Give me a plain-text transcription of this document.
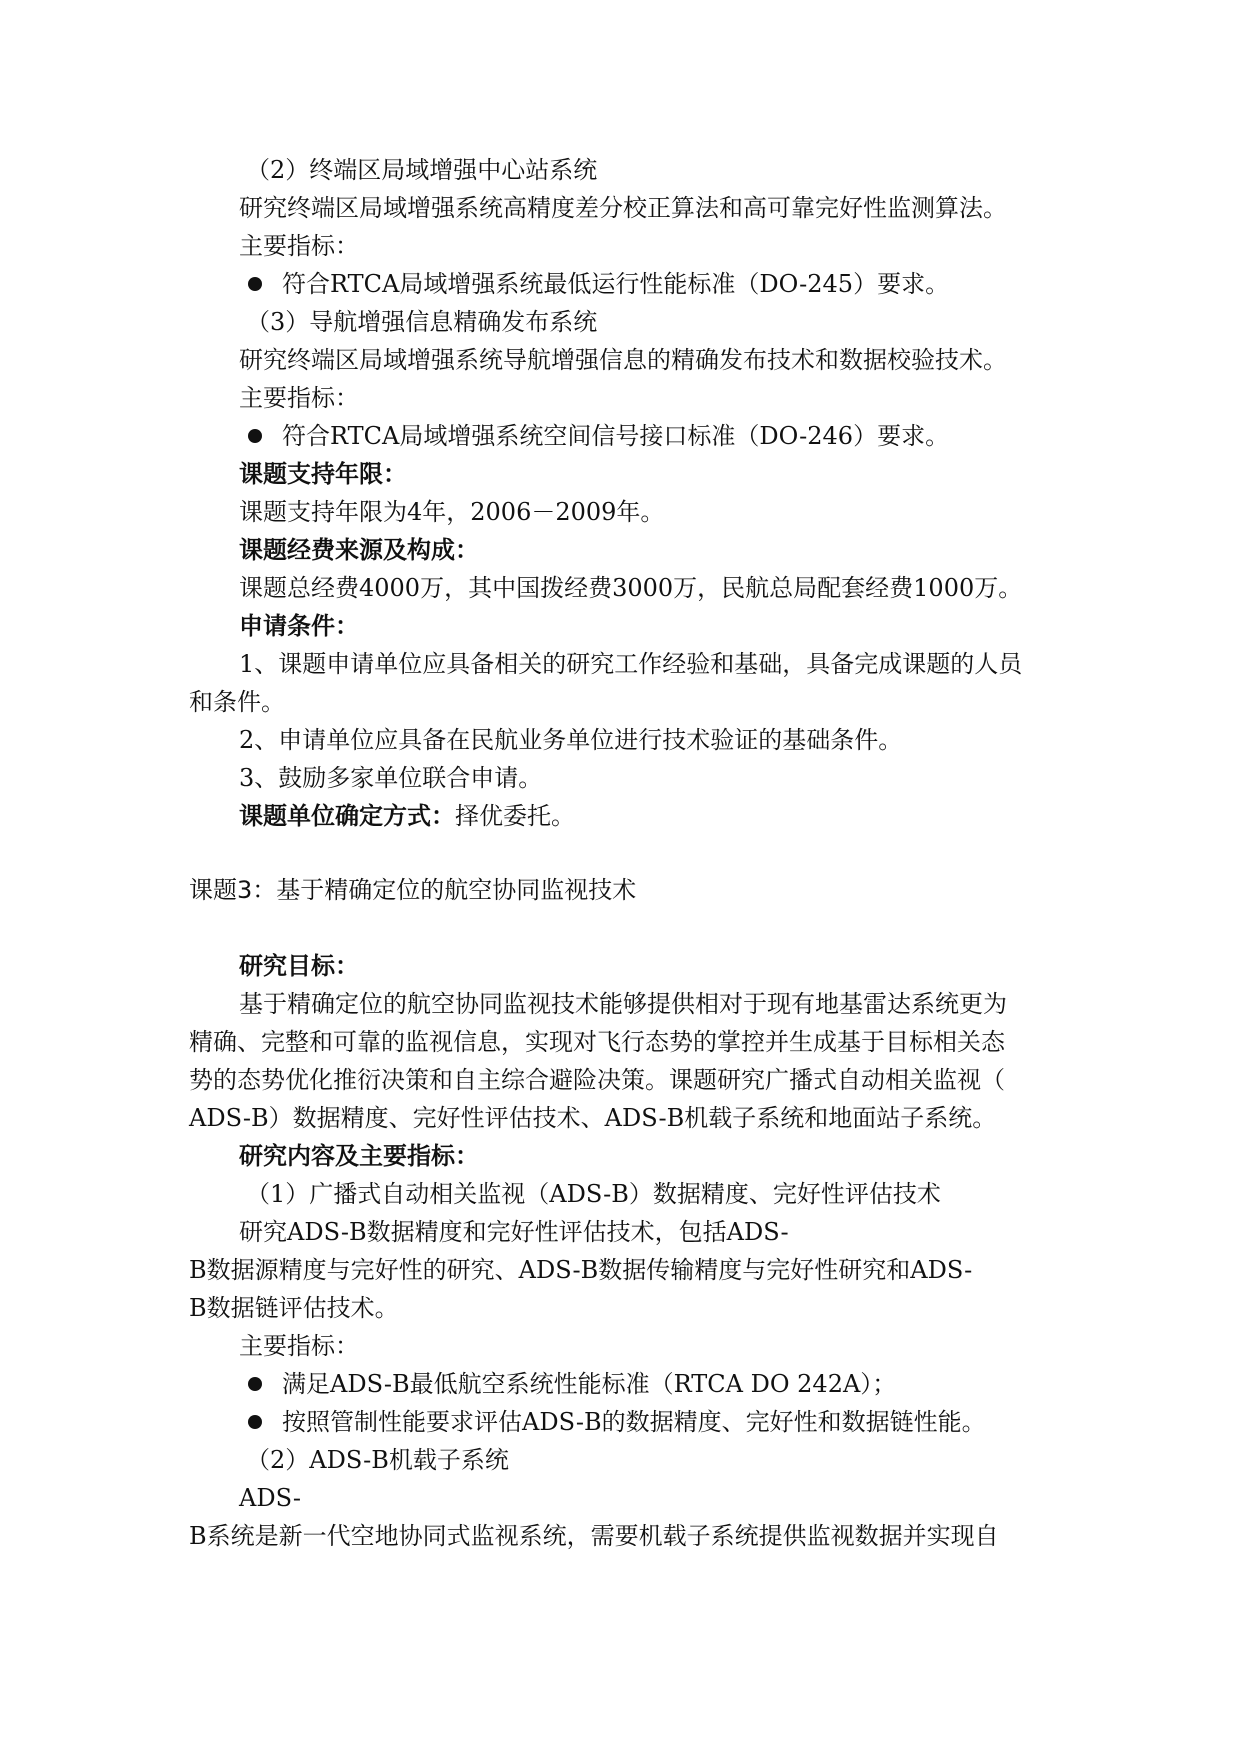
（2）终端区局域增强中心站系统
研究终端区局域增强系统高精度差分校正算法和高可靠完好性监测算法。
主要指标：
符合RTCA局域增强系统最低运行性能标准（DO-245）要求。
（3）导航增强信息精确发布系统
研究终端区局域增强系统导航增强信息的精确发布技术和数据校验技术。
主要指标：
符合RTCA局域增强系统空间信号接口标准（DO-246）要求。
课题支持年限：
课题支持年限为4年，2006－2009年。
课题经费来源及构成：
课题总经费4000万，其中国拨经费3000万，民航总局配套经费1000万。
申请条件：
1、课题申请单位应具备相关的研究工作经验和基础，具备完成课题的人员
和条件。
2、申请单位应具备在民航业务单位进行技术验证的基础条件。
3、鼓励多家单位联合申请。
课题单位确定方式：择优委托。
课题3：基于精确定位的航空协同监视技术
研究目标：
基于精确定位的航空协同监视技术能够提供相对于现有地基雷达系统更为
精确、完整和可靠的监视信息，实现对飞行态势的掌控并生成基于目标相关态
势的态势优化推衍决策和自主综合避险决策。课题研究广播式自动相关监视（
ADS-B）数据精度、完好性评估技术、ADS-B机载子系统和地面站子系统。
研究内容及主要指标：
（1）广播式自动相关监视（ADS-B）数据精度、完好性评估技术
研究ADS-B数据精度和完好性评估技术，包括ADS-
B数据源精度与完好性的研究、ADS-B数据传输精度与完好性研究和ADS-
B数据链评估技术。
主要指标：
满足ADS-B最低航空系统性能标准（RTCA DO 242A）；
按照管制性能要求评估ADS-B的数据精度、完好性和数据链性能。
（2）ADS-B机载子系统
ADS-
B系统是新一代空地协同式监视系统，需要机载子系统提供监视数据并实现自
